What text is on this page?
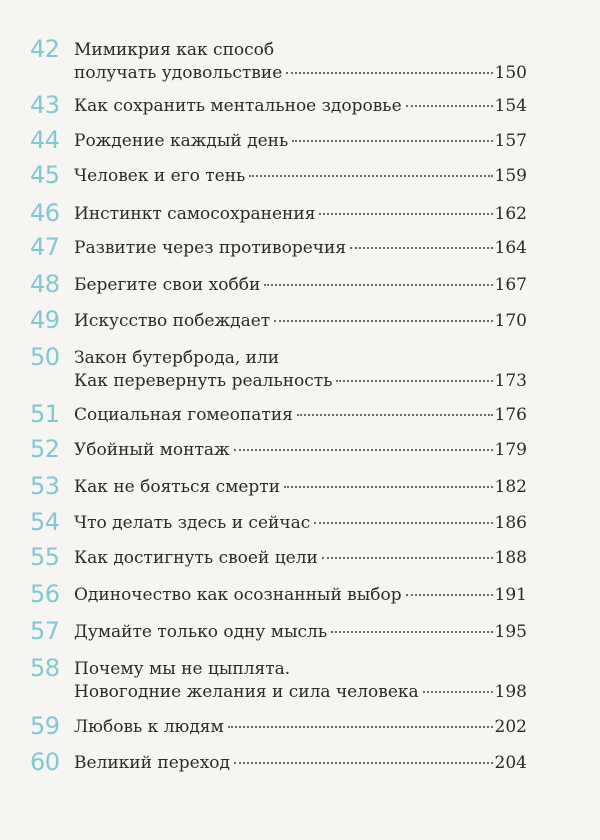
42 Мимикрия как способ
получать удовольствие	150
43 Как сохранить ментальное здоровье	154
44 Рождение каждый день	157
45 Человек и его тень	159
46 Инстинкт самосохранения	162
47 Развитие через противоречия	164
48 Берегите свои хобби	167
49 Искусство побеждает	170
50 Закон бутерброда, или
Как перевернуть реальность	173
51 Социальная гомеопатия	176
52 Убойный монтаж	179
53 Как не бояться смерти	182
54 Что делать здесь и сейчас	186
55 Как достигнуть своей цели	188
56 Одиночество как осознанный выбор	191
57 Думайте только одну мысль	195
58 Почему мы не цыплята.
Новогодние желания и сила человека	198
59 Любовь к людям	202
60 Великий переход	204
